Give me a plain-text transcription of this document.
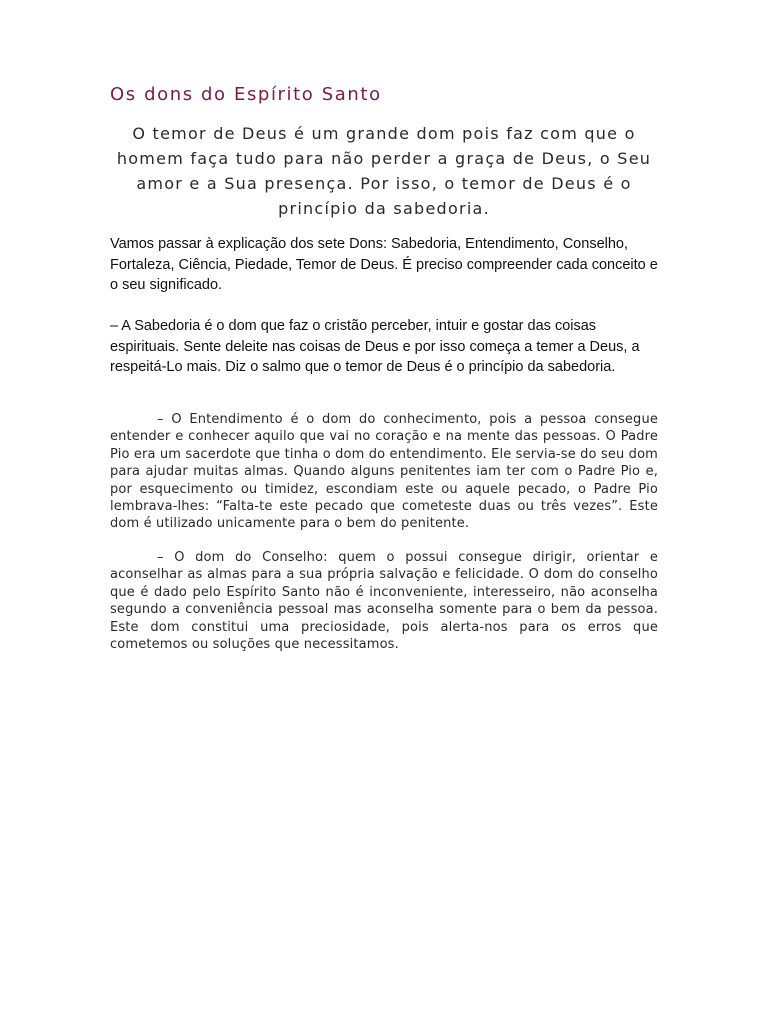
Os dons do Espírito Santo

O temor de Deus é um grande dom pois faz com que o homem faça tudo para não perder a graça de Deus, o Seu amor e a Sua presença. Por isso, o temor de Deus é o princípio da sabedoria.

Vamos passar à explicação dos sete Dons: Sabedoria, Entendimento, Conselho, Fortaleza, Ciência, Piedade, Temor de Deus. É preciso compreender cada conceito e o seu significado.

– A Sabedoria é o dom que faz o cristão perceber, intuir e gostar das coisas espirituais. Sente deleite nas coisas de Deus e por isso começa a temer a Deus, a respeitá-Lo mais. Diz o salmo que o temor de Deus é o princípio da sabedoria.

– O Entendimento é o dom do conhecimento, pois a pessoa consegue entender e conhecer aquilo que vai no coração e na mente das pessoas. O Padre Pio era um sacerdote que tinha o dom do entendimento. Ele servia-se do seu dom para ajudar muitas almas. Quando alguns penitentes iam ter com o Padre Pio e, por esquecimento ou timidez, escondiam este ou aquele pecado, o Padre Pio lembrava-lhes: “Falta-te este pecado que cometeste duas ou três vezes”. Este dom é utilizado unicamente para o bem do penitente.

– O dom do Conselho: quem o possui consegue dirigir, orientar e aconselhar as almas para a sua própria salvação e felicidade. O dom do conselho que é dado pelo Espírito Santo não é inconveniente, interesseiro, não aconselha segundo a conveniência pessoal mas aconselha somente para o bem da pessoa. Este dom constitui uma preciosidade, pois alerta-nos para os erros que cometemos ou soluções que necessitamos.
